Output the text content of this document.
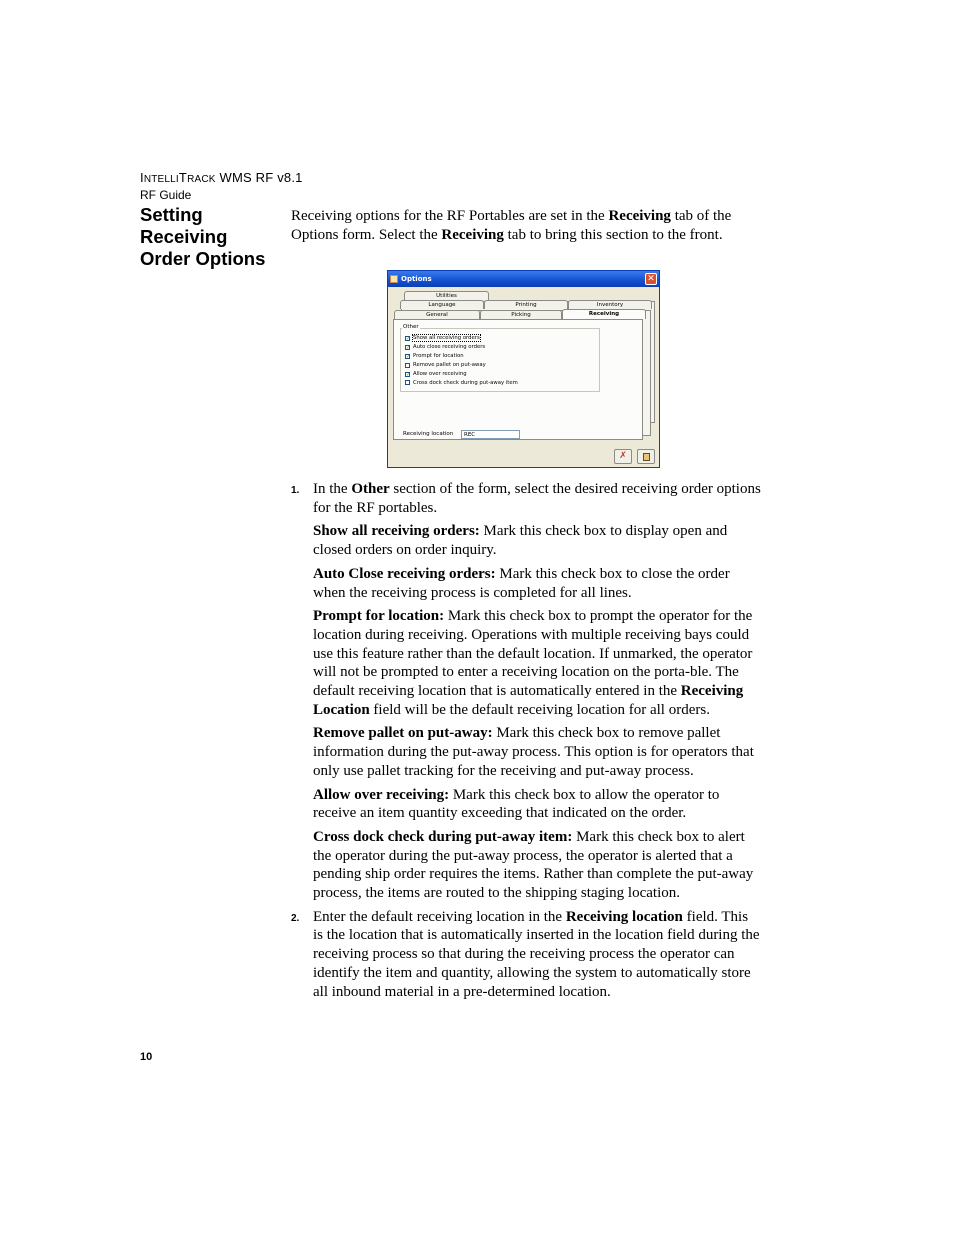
INTELLITRACK WMS RF v8.1
RF Guide
Setting
Receiving
Order Options
Receiving options for the RF Portables are set in the Receiving tab of the Options form. Select the Receiving tab to bring this section to the front.
Options	✕
Utilities
Language	Printing	Inventory
General	Picking	Receiving
✓ Show all receiving orders
✓ Auto close receiving orders
✓ Prompt for location
Remove pallet on put-away
✓ Allow over receiving
Cross dock check during put-away item
Other
Receiving location	REC
✗
1. In the Other section of the form, select the desired receiving order options for the RF portables.
Show all receiving orders: Mark this check box to display open and closed orders on order inquiry.
Auto Close receiving orders: Mark this check box to close the order when the receiving process is completed for all lines.
Prompt for location: Mark this check box to prompt the operator for the location during receiving. Operations with multiple receiving bays could use this feature rather than the default location. If unmarked, the operator will not be prompted to enter a receiving location on the porta-ble. The default receiving location that is automatically entered in the Receiving Location field will be the default receiving location for all orders.
Remove pallet on put-away: Mark this check box to remove pallet information during the put-away process. This option is for operators that only use pallet tracking for the receiving and put-away process.
Allow over receiving: Mark this check box to allow the operator to receive an item quantity exceeding that indicated on the order.
Cross dock check during put-away item: Mark this check box to alert the operator during the put-away process, the operator is alerted that a pending ship order requires the items. Rather than complete the put-away process, the items are routed to the shipping staging location.
2. Enter the default receiving location in the Receiving location field. This is the location that is automatically inserted in the location field during the receiving process so that during the receiving process the operator can identify the item and quantity, allowing the system to automatically store all inbound material in a pre-determined location.
10
